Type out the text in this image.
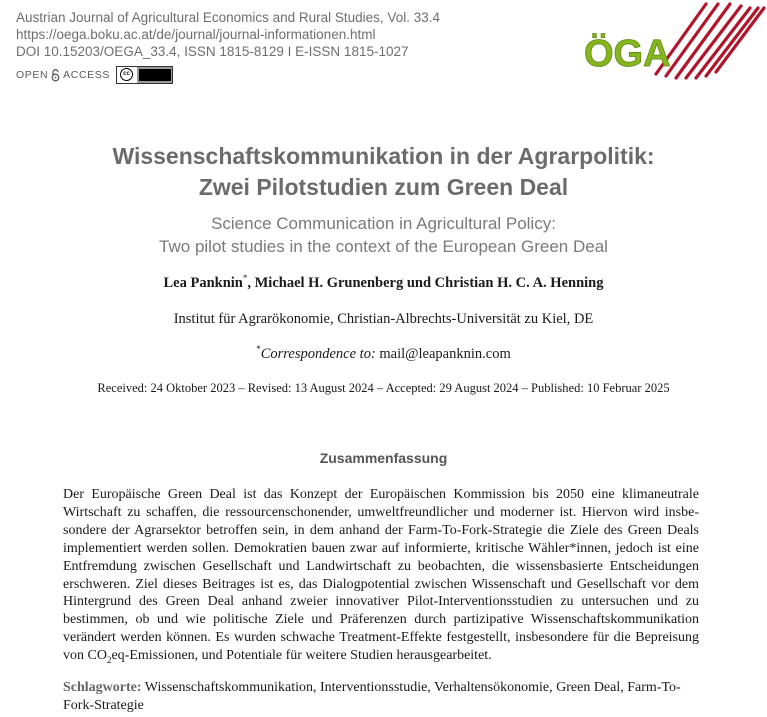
Austrian Journal of Agricultural Economics and Rural Studies, Vol. 33.4
https://oega.boku.ac.at/de/journal/journal-informationen.html
DOI 10.15203/OEGA_33.4, ISSN 1815-8129 I E-ISSN 1815-1027
OPEN ACCESS	cc	ÖGA
Wissenschaftskommunikation in der Agrarpolitik:
Zwei Pilotstudien zum Green Deal
Science Communication in Agricultural Policy:
Two pilot studies in the context of the European Green Deal
Lea Panknin*, Michael H. Grunenberg und Christian H. C. A. Henning
Institut für Agrarökonomie, Christian-Albrechts-Universität zu Kiel, DE
*Correspondence to: mail@leapanknin.com
Received: 24 Oktober 2023 – Revised: 13 August 2024 – Accepted: 29 August 2024 – Published: 10 Februar 2025
Zusammenfassung
Der Europäische Green Deal ist das Konzept der Europäischen Kommission bis 2050 eine klimaneutrale Wirtschaft zu schaffen, die ressourcenschonender, umweltfreundlicher und moderner ist. Hiervon wird insbesondere der Agrarsektor betroffen sein, in dem anhand der Farm-To-Fork-Strategie die Ziele des Green Deals implementiert werden sollen. Demokratien bauen zwar auf informierte, kritische Wähler*innen, jedoch ist eine Entfremdung zwischen Gesellschaft und Landwirtschaft zu beobachten, die wissensbasierte Entscheidungen erschweren. Ziel dieses Beitrages ist es, das Dialogpotential zwischen Wissenschaft und Gesellschaft vor dem Hintergrund des Green Deal anhand zweier innovativer Pilot-Interventionsstudien zu untersuchen und zu bestimmen, ob und wie politische Ziele und Präferenzen durch partizipative Wissenschaftskommunikation verändert werden können. Es wurden schwache Treatment-Effekte festgestellt, insbesondere für die Bepreisung von $CO_2eq$-Emissionen, und Potentiale für weitere Studien herausgearbeitet.
Schlagworte: Wissenschaftskommunikation, Interventionsstudie, Verhaltensökonomie, Green Deal, Farm-To-Fork-Strategie
